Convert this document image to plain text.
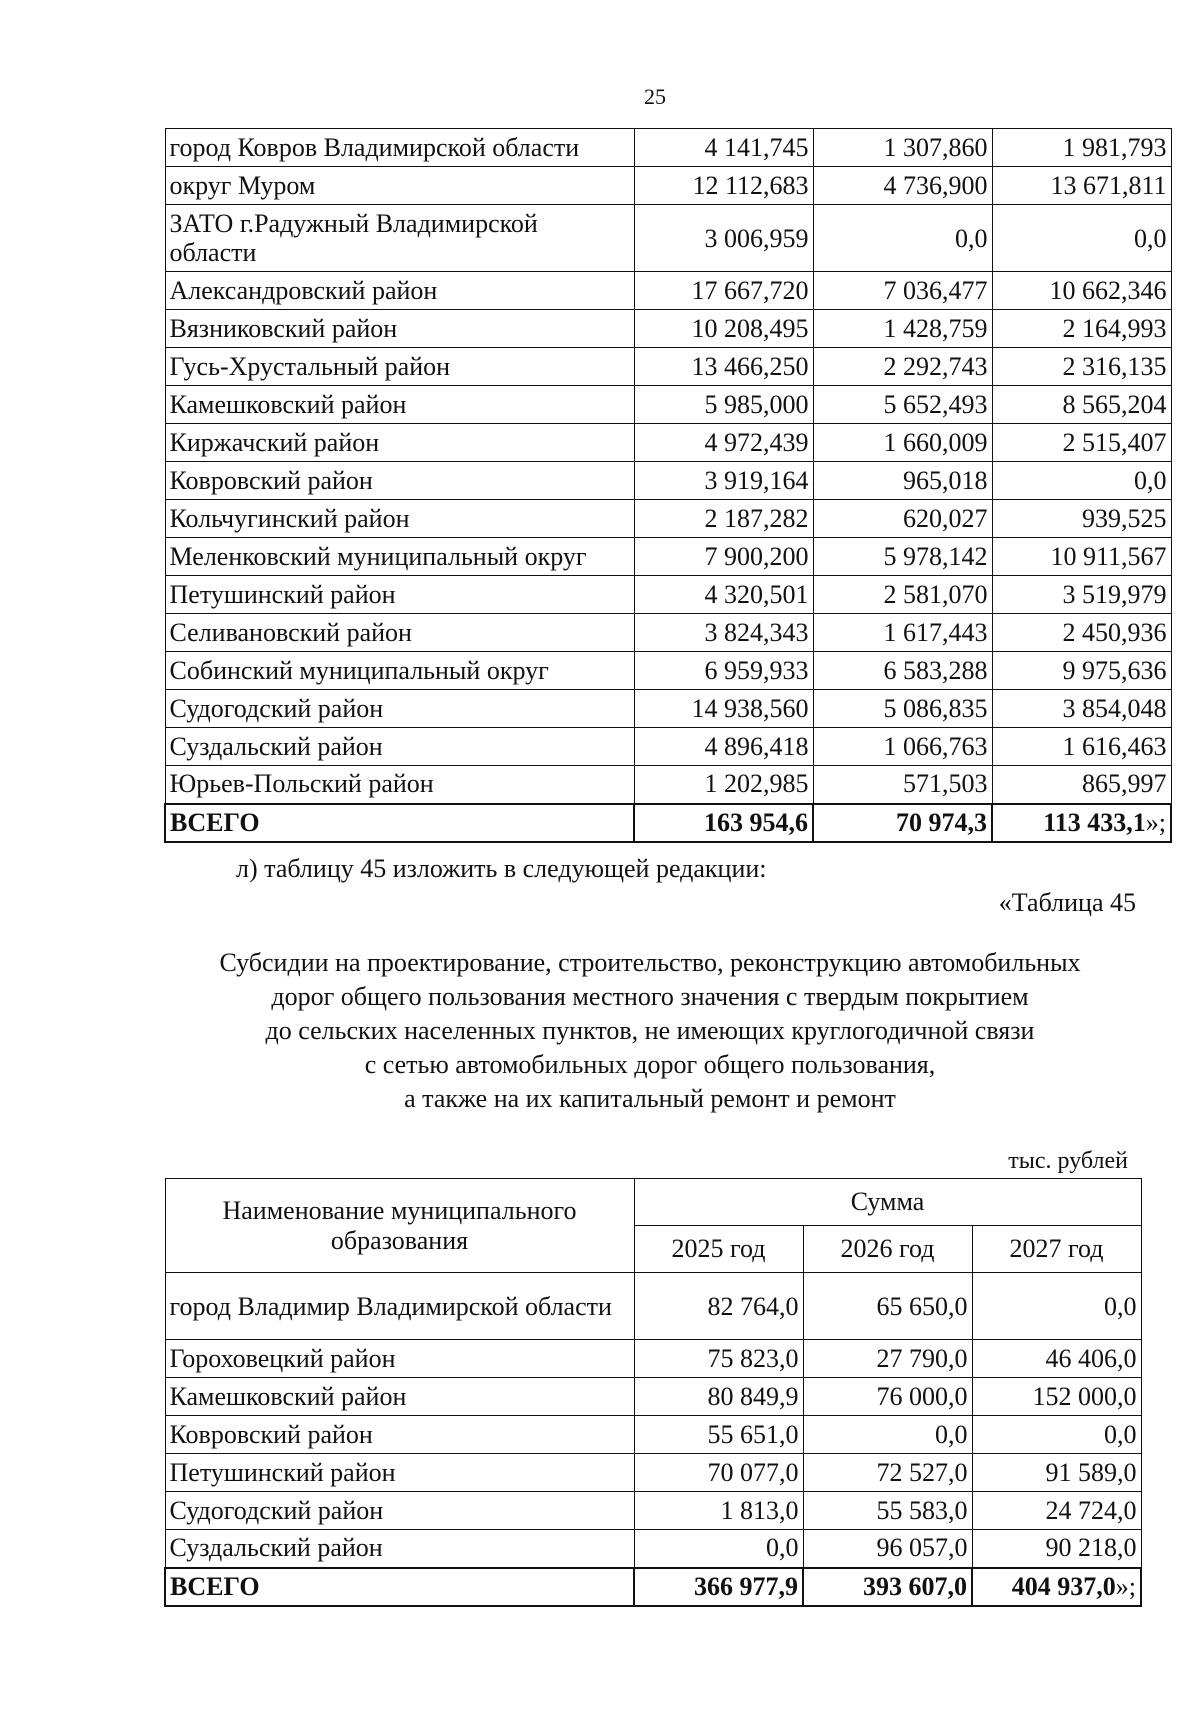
25
город Ковров Владимирской области	4 141,745	1 307,860	1 981,793
округ Муром	12 112,683	4 736,900	13 671,811
ЗАТО г.Радужный Владимирской области	3 006,959	0,0	0,0
Александровский район	17 667,720	7 036,477	10 662,346
Вязниковский район	10 208,495	1 428,759	2 164,993
Гусь-Хрустальный район	13 466,250	2 292,743	2 316,135
Камешковский район	5 985,000	5 652,493	8 565,204
Киржачский район	4 972,439	1 660,009	2 515,407
Ковровский район	3 919,164	965,018	0,0
Кольчугинский район	2 187,282	620,027	939,525
Меленковский муниципальный округ	7 900,200	5 978,142	10 911,567
Петушинский район	4 320,501	2 581,070	3 519,979
Селивановский район	3 824,343	1 617,443	2 450,936
Собинский муниципальный округ	6 959,933	6 583,288	9 975,636
Судогодский район	14 938,560	5 086,835	3 854,048
Суздальский район	4 896,418	1 066,763	1 616,463
Юрьев-Польский район	1 202,985	571,503	865,997
ВСЕГО	163 954,6	70 974,3	113 433,1»;
л) таблицу 45 изложить в следующей редакции:
«Таблица 45
Субсидии на проектирование, строительство, реконструкцию автомобильных
дорог общего пользования местного значения с твердым покрытием
до сельских населенных пунктов, не имеющих круглогодичной связи
с сетью автомобильных дорог общего пользования,
а также на их капитальный ремонт и ремонт
тыс. рублей
Наименование муниципального образования	Сумма		
	2025 год	2026 год	2027 год
город Владимир Владимирской области	82 764,0	65 650,0	0,0
Гороховецкий район	75 823,0	27 790,0	46 406,0
Камешковский район	80 849,9	76 000,0	152 000,0
Ковровский район	55 651,0	0,0	0,0
Петушинский район	70 077,0	72 527,0	91 589,0
Судогодский район	1 813,0	55 583,0	24 724,0
Суздальский район	0,0	96 057,0	90 218,0
ВСЕГО	366 977,9	393 607,0	404 937,0»;
